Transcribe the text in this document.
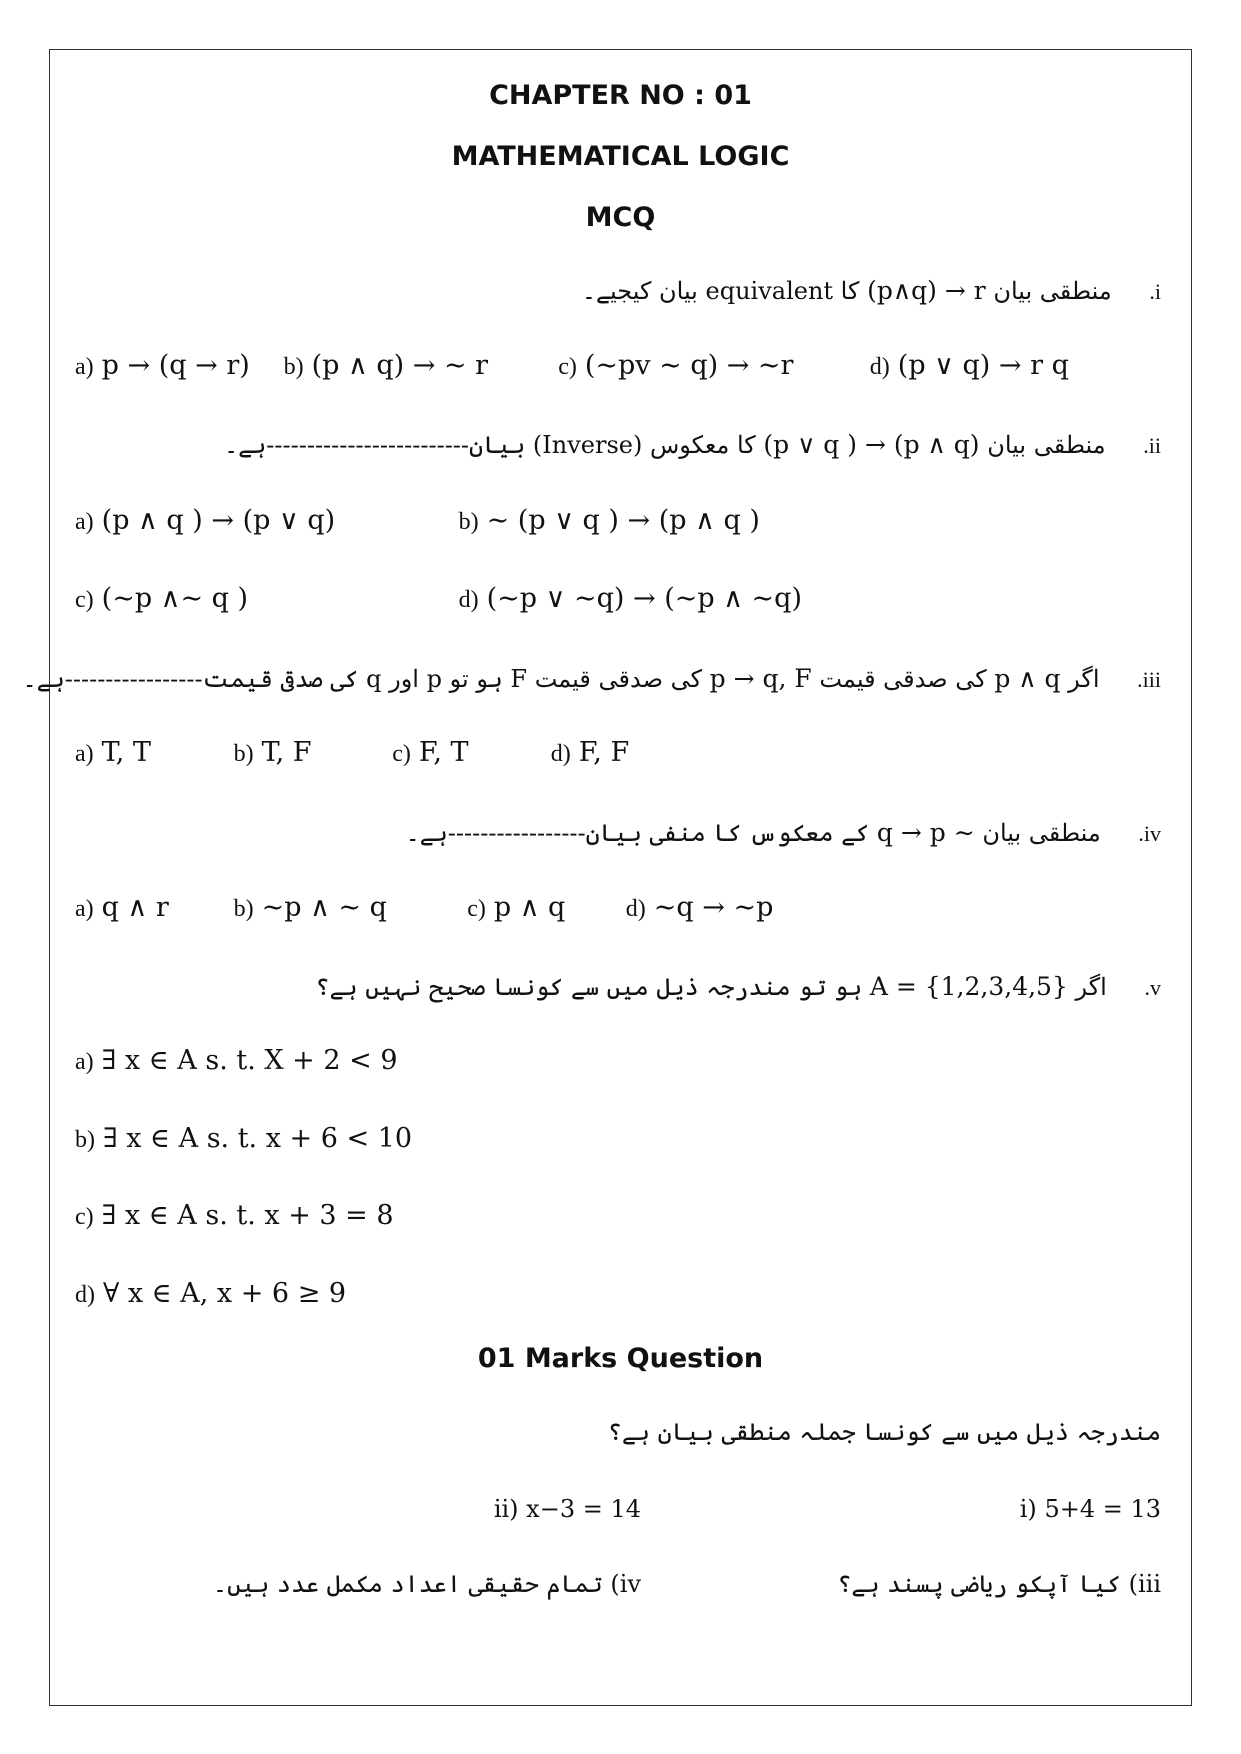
CHAPTER NO : 01
MATHEMATICAL LOGIC
MCQ
i. منطقی بیان (p∧q) → r کا equivalent بیان کیجیے۔
a) p → (q → r) b) (p ∧ q) → ∼ r	c) (∼pv ∼ q) → ∼r	d) (p ∨ q) → r q
ii. منطقی بیان (p ∨ q ) → (p ∧ q) کا معکوس (Inverse) بیان-------------------------ہے۔
a) (p ∧ q ) → (p ∨ q)	b) ∼ (p ∨ q ) → (p ∧ q )
c) (∼p ∧∼ q )	d) (∼p ∨ ∼q) → (∼p ∧ ∼q)
iii. اگر p ∧ q کی صدقی قیمت p → q, F کی صدقی قیمت F ہو تو p اور q کی صدقی قیمت-----------------ہے۔
a) T, T	b) T, F	c) F, T	d) F, F
iv. منطقی بیان q → p ∼ کے معکوس کا منفی بیان-----------------ہے۔
a) q ∧ r	b) ∼p ∧ ∼ q	c) p ∧ q	d) ∼q → ∼p
v. اگر A = {1,2,3,4,5} ہو تو مندرجہ ذیل میں سے کونسا صحیح نہیں ہے؟
a) ∃ x ∈ A s. t. X + 2 < 9
b) ∃ x ∈ A s. t. x + 6 < 10
c) ∃ x ∈ A s. t. x + 3 = 8
d) ∀ x ∈ A, x + 6 ≥ 9
01 Marks Question
مندرجہ ذیل میں سے کونسا جملہ منطقی بیان ہے؟
i) 5+4 = 13
ii) x−3 = 14
iii) کیا آپکو ریاضی پسند ہے؟
iv) تمام حقیقی اعداد مکمل عدد ہیں۔
